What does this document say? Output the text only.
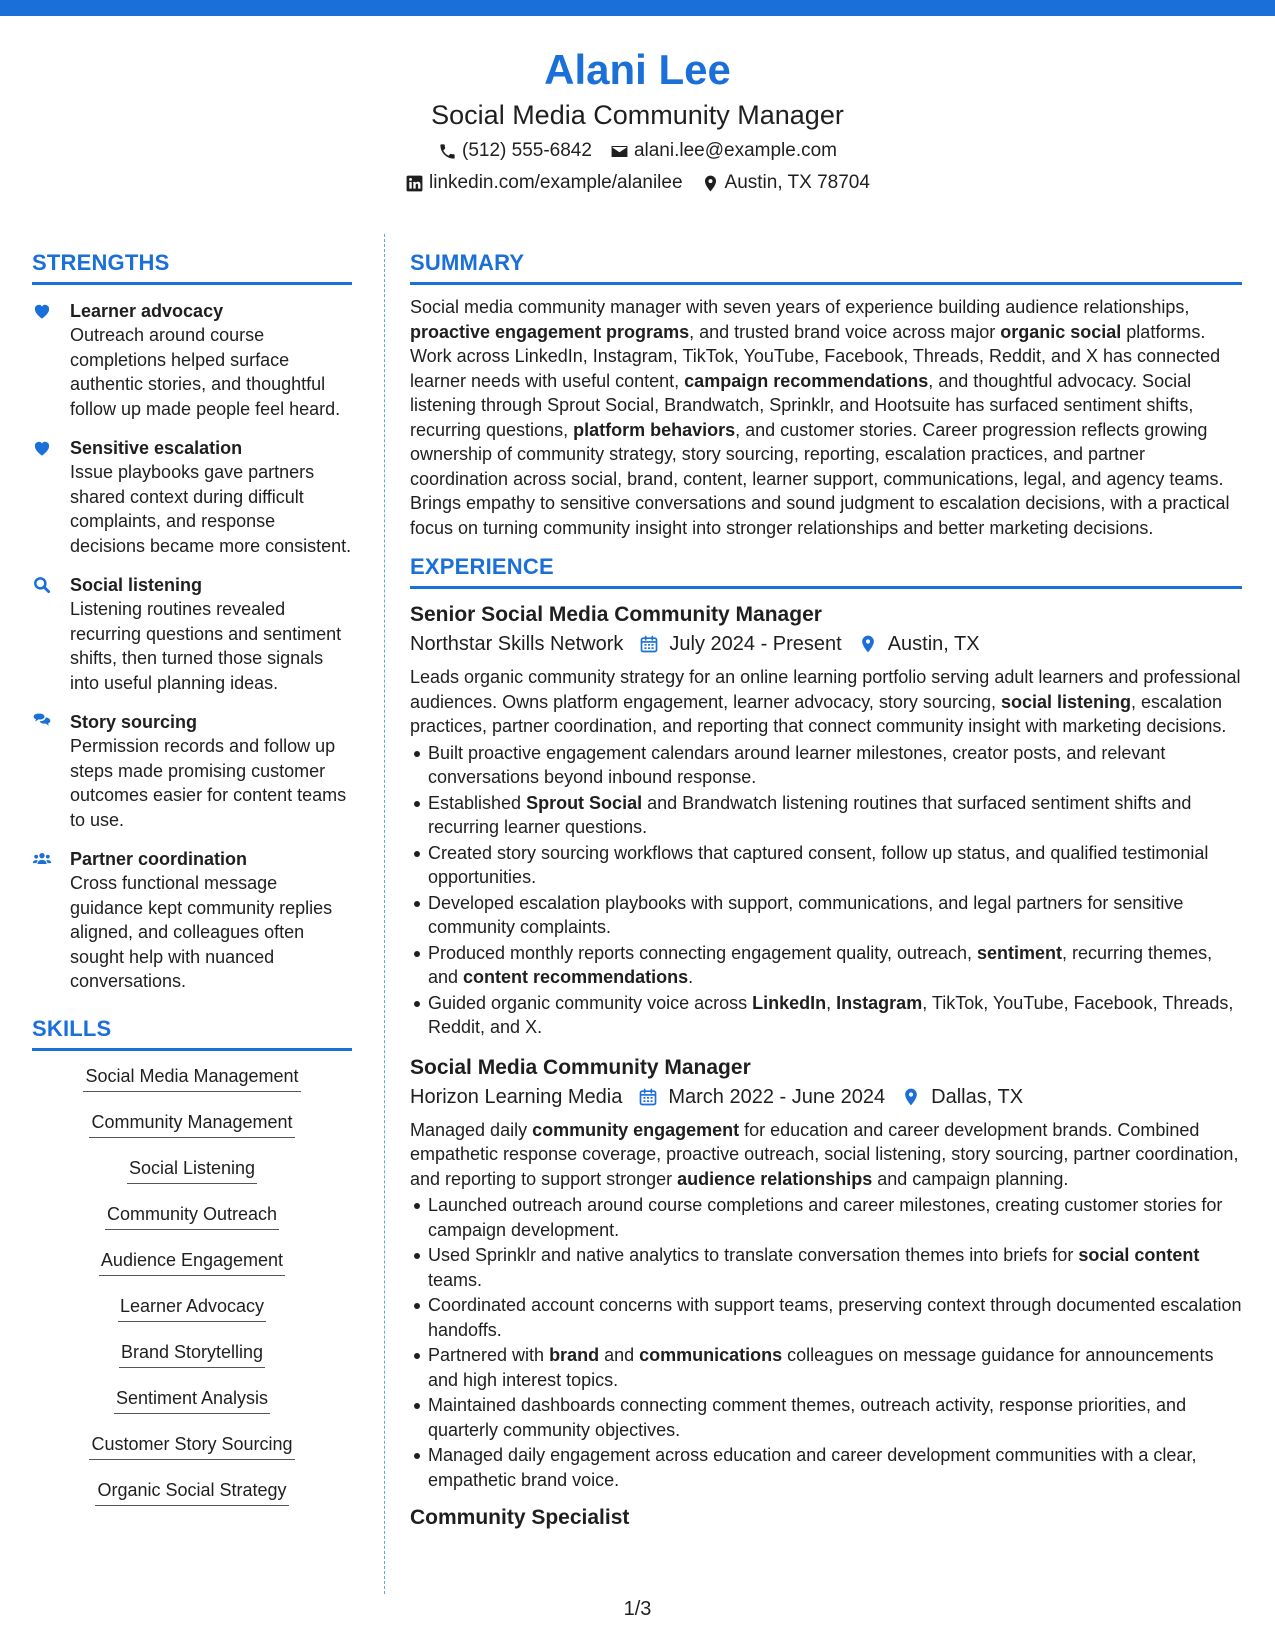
Alani Lee
Social Media Community Manager
(512) 555-6842 alani.lee@example.com
linkedin.com/example/alanilee Austin, TX 78704
STRENGTHS
Learner advocacy
Outreach around course completions helped surface authentic stories, and thoughtful follow up made people feel heard.
Sensitive escalation
Issue playbooks gave partners shared context during difficult complaints, and response decisions became more consistent.
Social listening
Listening routines revealed recurring questions and sentiment shifts, then turned those signals into useful planning ideas.
Story sourcing
Permission records and follow up steps made promising customer outcomes easier for content teams to use.
Partner coordination
Cross functional message guidance kept community replies aligned, and colleagues often sought help with nuanced conversations.
SKILLS
Social Media Management
Community Management
Social Listening
Community Outreach
Audience Engagement
Learner Advocacy
Brand Storytelling
Sentiment Analysis
Customer Story Sourcing
Organic Social Strategy
SUMMARY
Social media community manager with seven years of experience building audience relationships, proactive engagement programs, and trusted brand voice across major organic social platforms. Work across LinkedIn, Instagram, TikTok, YouTube, Facebook, Threads, Reddit, and X has connected learner needs with useful content, campaign recommendations, and thoughtful advocacy. Social listening through Sprout Social, Brandwatch, Sprinklr, and Hootsuite has surfaced sentiment shifts, recurring questions, platform behaviors, and customer stories. Career progression reflects growing ownership of community strategy, story sourcing, reporting, escalation practices, and partner coordination across social, brand, content, learner support, communications, legal, and agency teams. Brings empathy to sensitive conversations and sound judgment to escalation decisions, with a practical focus on turning community insight into stronger relationships and better marketing decisions.
EXPERIENCE
Senior Social Media Community Manager
Northstar Skills Network July 2024 - Present Austin, TX
Leads organic community strategy for an online learning portfolio serving adult learners and professional audiences. Owns platform engagement, learner advocacy, story sourcing, social listening, escalation practices, partner coordination, and reporting that connect community insight with marketing decisions.
Built proactive engagement calendars around learner milestones, creator posts, and relevant conversations beyond inbound response.
Established Sprout Social and Brandwatch listening routines that surfaced sentiment shifts and recurring learner questions.
Created story sourcing workflows that captured consent, follow up status, and qualified testimonial opportunities.
Developed escalation playbooks with support, communications, and legal partners for sensitive community complaints.
Produced monthly reports connecting engagement quality, outreach, sentiment, recurring themes, and content recommendations.
Guided organic community voice across LinkedIn, Instagram, TikTok, YouTube, Facebook, Threads, Reddit, and X.
Social Media Community Manager
Horizon Learning Media March 2022 - June 2024 Dallas, TX
Managed daily community engagement for education and career development brands. Combined empathetic response coverage, proactive outreach, social listening, story sourcing, partner coordination, and reporting to support stronger audience relationships and campaign planning.
Launched outreach around course completions and career milestones, creating customer stories for campaign development.
Used Sprinklr and native analytics to translate conversation themes into briefs for social content teams.
Coordinated account concerns with support teams, preserving context through documented escalation handoffs.
Partnered with brand and communications colleagues on message guidance for announcements and high interest topics.
Maintained dashboards connecting comment themes, outreach activity, response priorities, and quarterly community objectives.
Managed daily engagement across education and career development communities with a clear, empathetic brand voice.
Community Specialist
1/3
